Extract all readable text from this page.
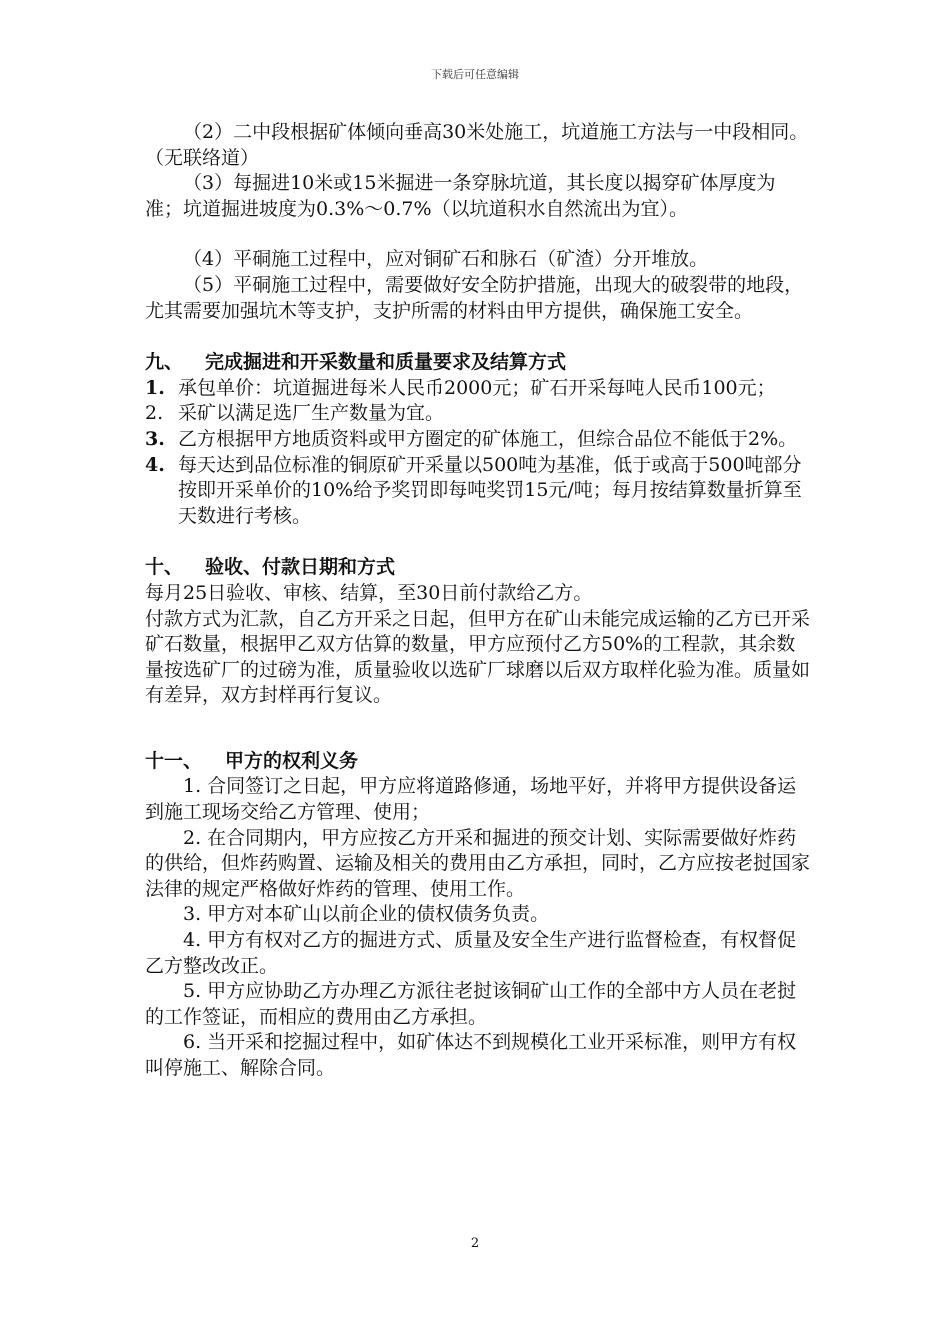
下载后可任意编辑

（2）二中段根据矿体倾向垂高30米处施工，坑道施工方法与一中段相同。（无联络道）

（3）每掘进10米或15米掘进一条穿脉坑道，其长度以揭穿矿体厚度为准；坑道掘进坡度为0.3%～0.7%（以坑道积水自然流出为宜）。

（4）平硐施工过程中，应对铜矿石和脉石（矿渣）分开堆放。

（5）平硐施工过程中，需要做好安全防护措施，出现大的破裂带的地段，尤其需要加强坑木等支护，支护所需的材料由甲方提供，确保施工安全。

九、 完成掘进和开采数量和质量要求及结算方式

1. 承包单价：坑道掘进每米人民币2000元；矿石开采每吨人民币100元；
2. 采矿以满足选厂生产数量为宜。
3. 乙方根据甲方地质资料或甲方圈定的矿体施工，但综合品位不能低于2%。
4. 每天达到品位标准的铜原矿开采量以500吨为基准，低于或高于500吨部分按即开采单价的10%给予奖罚即每吨奖罚15元/吨；每月按结算数量折算至天数进行考核。

十、 验收、付款日期和方式

每月25日验收、审核、结算，至30日前付款给乙方。

付款方式为汇款，自乙方开采之日起，但甲方在矿山未能完成运输的乙方已开采矿石数量，根据甲乙双方估算的数量，甲方应预付乙方50%的工程款，其余数量按选矿厂的过磅为准，质量验收以选矿厂球磨以后双方取样化验为准。质量如有差异，双方封样再行复议。

十一、 甲方的权利义务

1. 合同签订之日起，甲方应将道路修通，场地平好，并将甲方提供设备运到施工现场交给乙方管理、使用；

2. 在合同期内，甲方应按乙方开采和掘进的预交计划、实际需要做好炸药的供给，但炸药购置、运输及相关的费用由乙方承担，同时，乙方应按老挝国家法律的规定严格做好炸药的管理、使用工作。

3. 甲方对本矿山以前企业的债权债务负责。

4. 甲方有权对乙方的掘进方式、质量及安全生产进行监督检查，有权督促乙方整改改正。

5. 甲方应协助乙方办理乙方派往老挝该铜矿山工作的全部中方人员在老挝的工作签证，而相应的费用由乙方承担。

6. 当开采和挖掘过程中，如矿体达不到规模化工业开采标准，则甲方有权叫停施工、解除合同。

2
